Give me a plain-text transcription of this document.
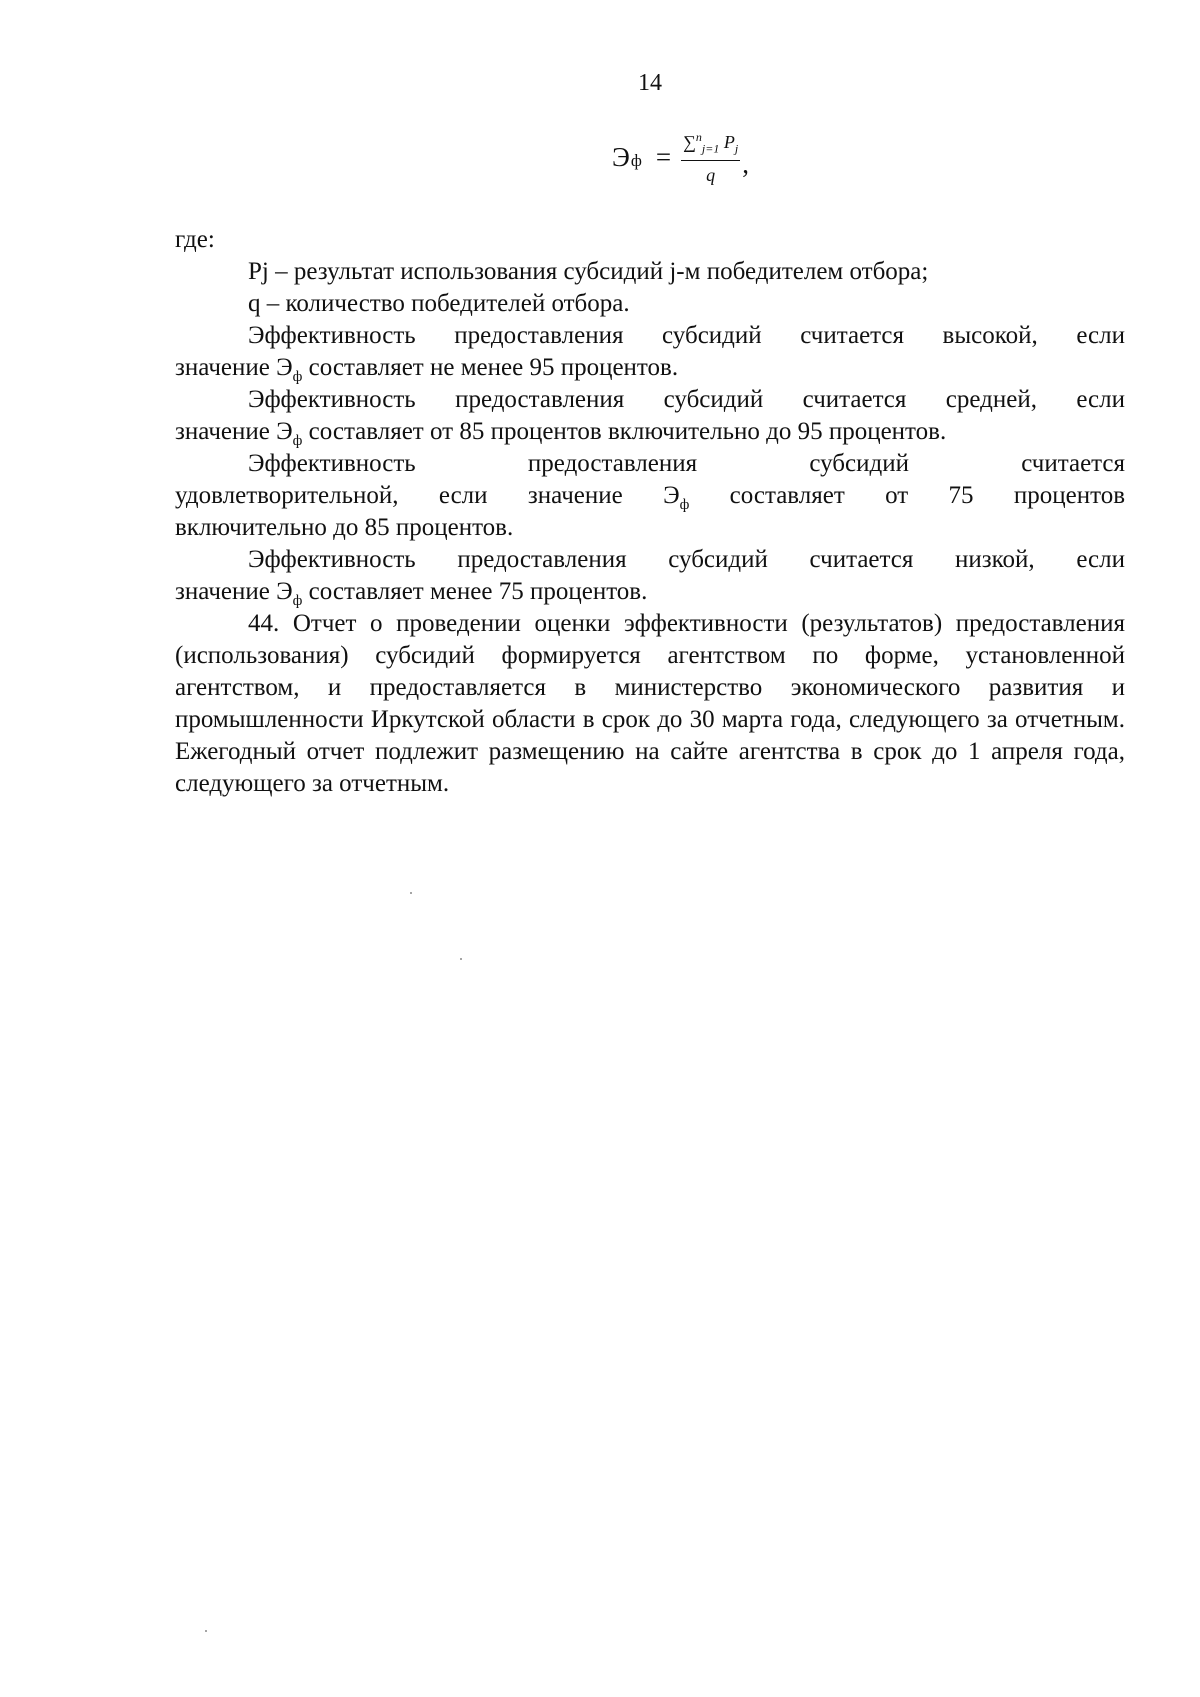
14
Э $ф = \frac{\sum^n_{j=1} P_j}{q}$ ,

где:

Pj – результат использования субсидий j-м победителем отбора;

q – количество победителей отбора.

Эффективность предоставления субсидий считается высокой, если

значение $Э_ф$ составляет не менее 95 процентов.

Эффективность предоставления субсидий считается средней, если

значение $Э_ф$ составляет от 85 процентов включительно до 95 процентов.

Эффективность предоставления субсидий считается

удовлетворительной, если значение $Э_ф$ составляет от 75 процентов

включительно до 85 процентов.

Эффективность предоставления субсидий считается низкой, если

значение $Э_ф$ составляет менее 75 процентов.

44. Отчет о проведении оценки эффективности (результатов) предоставления (использования) субсидий формируется агентством по форме, установленной агентством, и предоставляется в министерство экономического развития и промышленности Иркутской области в срок до 30 марта года, следующего за отчетным. Ежегодный отчет подлежит размещению на сайте агентства в срок до 1 апреля года, следующего за отчетным.
